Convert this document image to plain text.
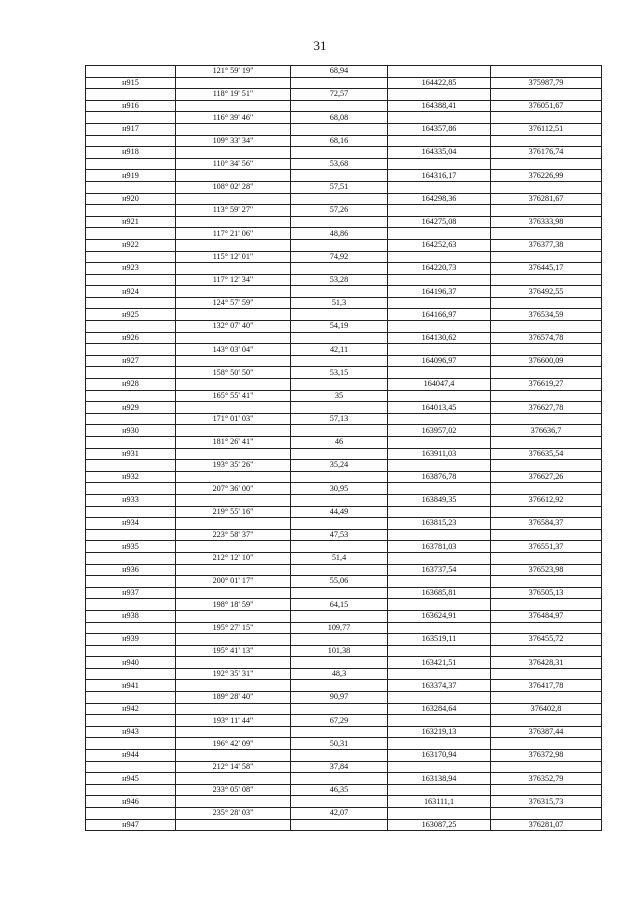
31
	121° 59' 19"	68,94		
н915			164422,85	375987,79
	118° 19' 51"	72,57		
н916			164388,41	376051,67
	116° 39' 46"	68,08		
н917			164357,86	376112,51
	109° 33' 34"	68,16		
н918			164335,04	376176,74
	110° 34' 56"	53,68		
н919			164316,17	376226,99
	108° 02' 28"	57,51		
н920			164298,36	376281,67
	113° 59' 27"	57,26		
н921			164275,08	376333,98
	117° 21' 06"	48,86		
н922			164252,63	376377,38
	115° 12' 01"	74,92		
н923			164220,73	376445,17
	117° 12' 34"	53,28		
н924			164196,37	376492,55
	124° 57' 59"	51,3		
н925			164166,97	376534,59
	132° 07' 40"	54,19		
н926			164130,62	376574,78
	143° 03' 04"	42,11		
н927			164096,97	376600,09
	158° 50' 50"	53,15		
н928			164047,4	376619,27
	165° 55' 41"	35		
н929			164013,45	376627,78
	171° 01' 03"	57,13		
н930			163957,02	376636,7
	181° 26' 41"	46		
н931			163911,03	376635,54
	193° 35' 26"	35,24		
н932			163876,78	376627,26
	207° 36' 00"	30,95		
н933			163849,35	376612,92
	219° 55' 16"	44,49		
н934			163815,23	376584,37
	223° 58' 37"	47,53		
н935			163781,03	376551,37
	212° 12' 10"	51,4		
н936			163737,54	376523,98
	200° 01' 17"	55,06		
н937			163685,81	376505,13
	198° 18' 59"	64,15		
н938			163624,91	376484,97
	195° 27' 15"	109,77		
н939			163519,11	376455,72
	195° 41' 13"	101,38		
н940			163421,51	376428,31
	192° 35' 31"	48,3		
н941			163374,37	376417,78
	189° 28' 40"	90,97		
н942			163284,64	376402,8
	193° 11' 44"	67,29		
н943			163219,13	376387,44
	196° 42' 09"	50,31		
н944			163170,94	376372,98
	212° 14' 58"	37,84		
н945			163138,94	376352,79
	233° 05' 08"	46,35		
н946			163111,1	376315,73
	235° 28' 03"	42,07		
н947			163087,25	376281,07
